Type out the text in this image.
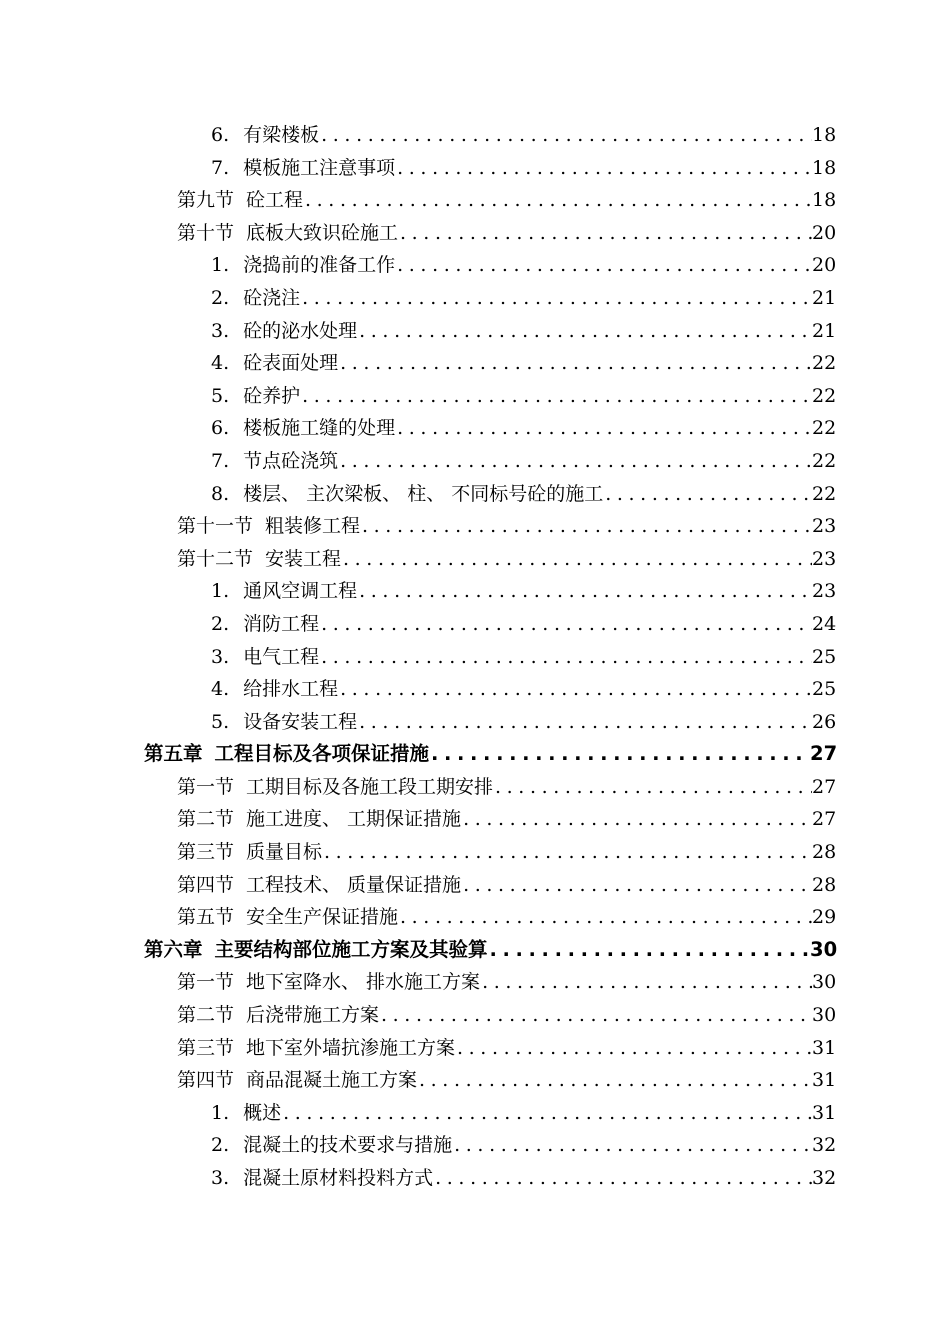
6. 有梁楼板 .....	18
7. 模板施工注意事项 .....	18
第九节 砼工程 .....	18
第十节 底板大致识砼施工 .....	20
1. 浇捣前的准备工作 .....	20
2. 砼浇注 .....	21
3. 砼的泌水处理 .....	21
4. 砼表面处理 .....	22
5. 砼养护 .....	22
6. 楼板施工缝的处理 .....	22
7. 节点砼浇筑 .....	22
8. 楼层、 主次梁板、 柱、 不同标号砼的施工 .....	22
第十一节 粗装修工程 .....	23
第十二节 安装工程 .....	23
1. 通风空调工程 .....	23
2. 消防工程 .....	24
3. 电气工程 .....	25
4. 给排水工程 .....	25
5. 设备安装工程 .....	26
第五章 工程目标及各项保证措施 .....	27
第一节 工期目标及各施工段工期安排 .....	27
第二节 施工进度、 工期保证措施 .....	27
第三节 质量目标 .....	28
第四节 工程技术、 质量保证措施 .....	28
第五节 安全生产保证措施 .....	29
第六章 主要结构部位施工方案及其验算 .....	30
第一节 地下室降水、 排水施工方案 .....	30
第二节 后浇带施工方案 .....	30
第三节 地下室外墙抗渗施工方案 .....	31
第四节 商品混凝土施工方案 .....	31
1. 概述 .....	31
2. 混凝土的技术要求与措施 .....	32
3. 混凝土原材料投料方式 .....	32
